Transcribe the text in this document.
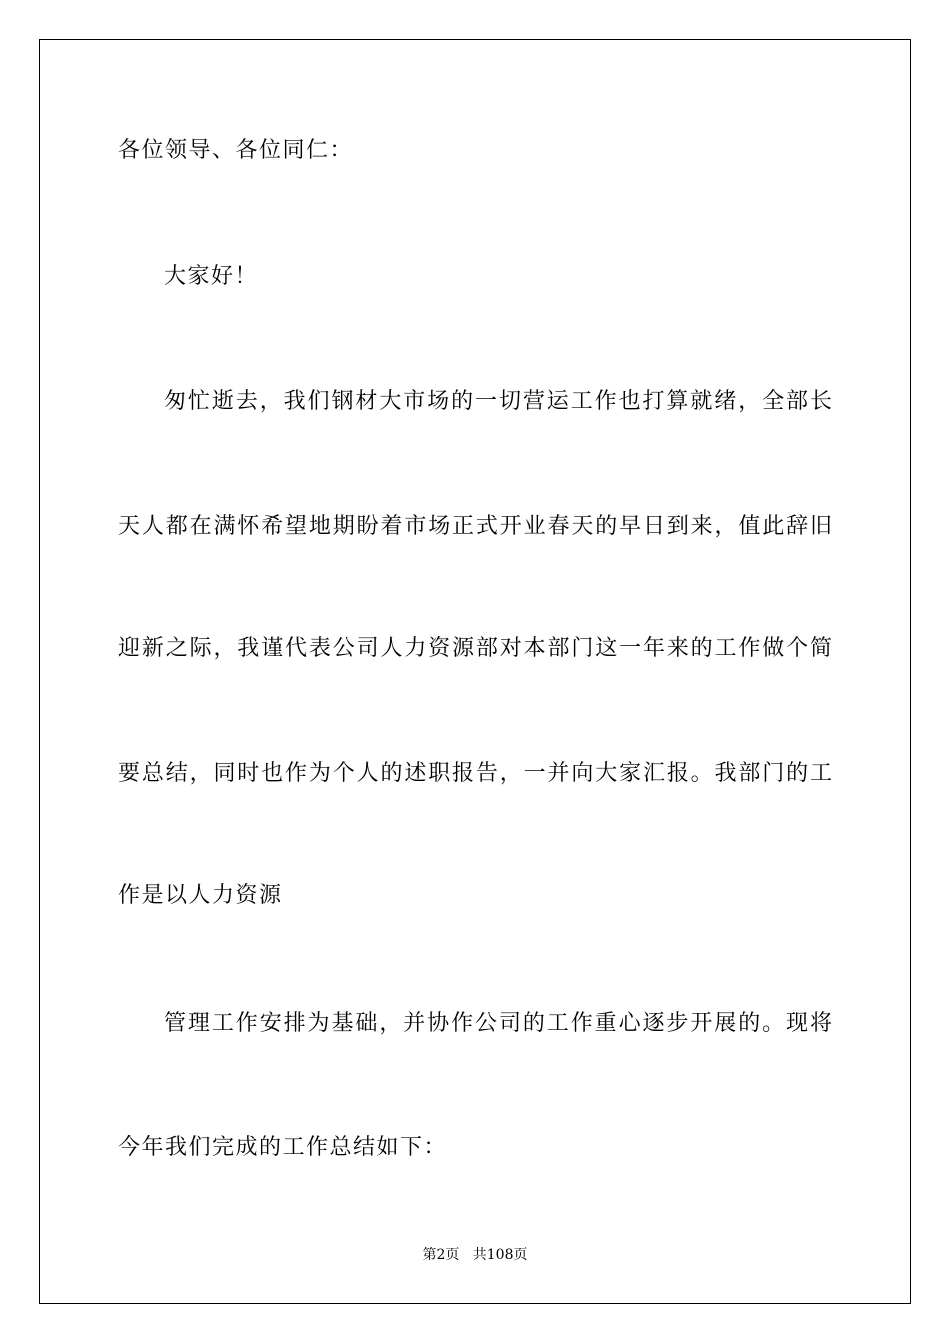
各位领导、各位同仁：

大家好！

匆忙逝去，我们钢材大市场的一切营运工作也打算就绪，全部长

天人都在满怀希望地期盼着市场正式开业春天的早日到来，值此辞旧

迎新之际，我谨代表公司人力资源部对本部门这一年来的工作做个简

要总结，同时也作为个人的述职报告，一并向大家汇报。我部门的工

作是以人力资源

管理工作安排为基础，并协作公司的工作重心逐步开展的。现将

今年我们完成的工作总结如下：

第2页 共108页
